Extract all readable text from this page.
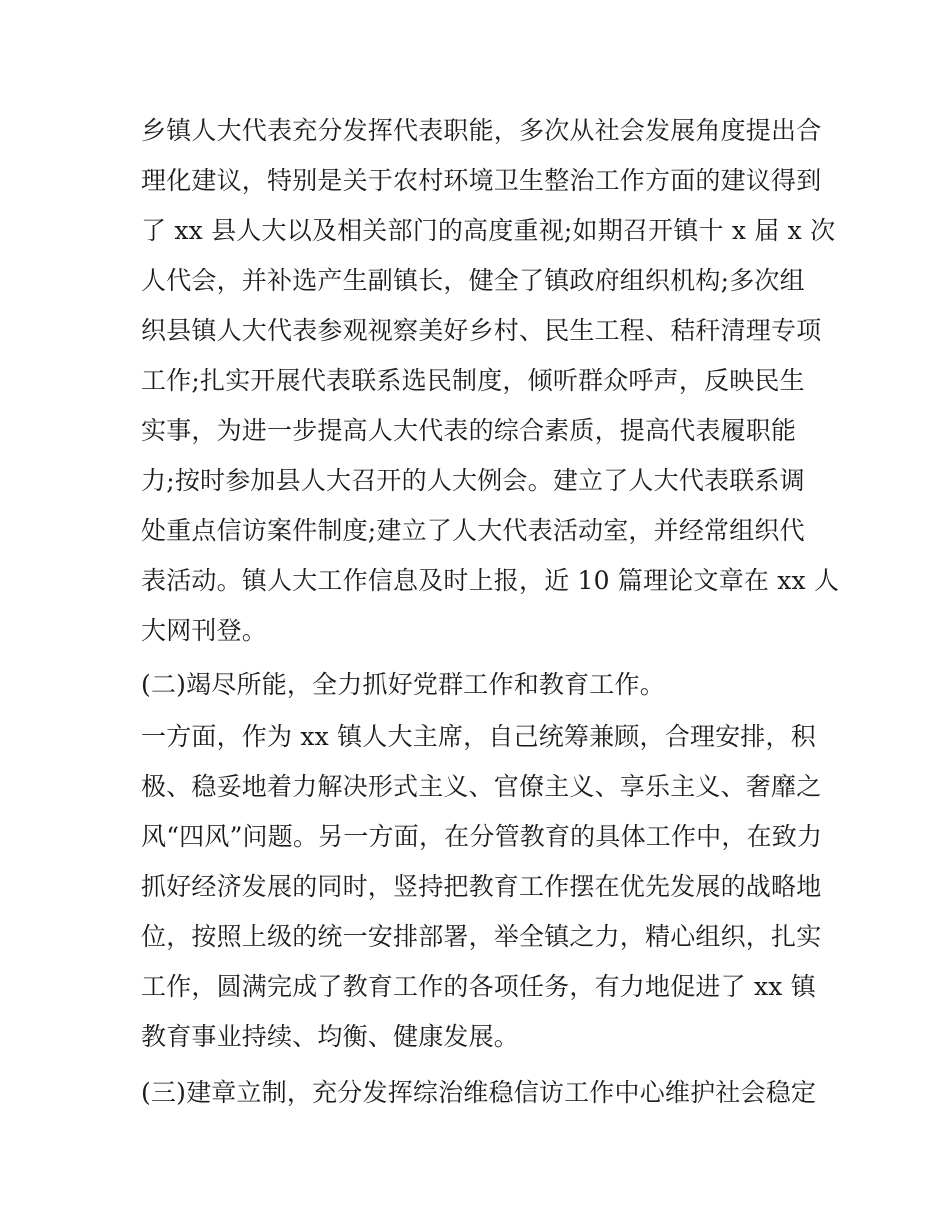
乡镇人大代表充分发挥代表职能，多次从社会发展角度提出合
理化建议，特别是关于农村环境卫生整治工作方面的建议得到
了 xx 县人大以及相关部门的高度重视;如期召开镇十 x 届 x 次
人代会，并补选产生副镇长，健全了镇政府组织机构;多次组
织县镇人大代表参观视察美好乡村、民生工程、秸秆清理专项
工作;扎实开展代表联系选民制度，倾听群众呼声，反映民生
实事，为进一步提高人大代表的综合素质，提高代表履职能
力;按时参加县人大召开的人大例会。建立了人大代表联系调
处重点信访案件制度;建立了人大代表活动室，并经常组织代
表活动。镇人大工作信息及时上报，近 10 篇理论文章在 xx 人
大网刊登。
(二)竭尽所能，全力抓好党群工作和教育工作。
一方面，作为 xx 镇人大主席，自己统筹兼顾，合理安排，积
极、稳妥地着力解决形式主义、官僚主义、享乐主义、奢靡之
风“四风”问题。另一方面，在分管教育的具体工作中，在致力
抓好经济发展的同时，竖持把教育工作摆在优先发展的战略地
位，按照上级的统一安排部署，举全镇之力，精心组织，扎实
工作，圆满完成了教育工作的各项任务，有力地促进了 xx 镇
教育事业持续、均衡、健康发展。
(三)建章立制，充分发挥综治维稳信访工作中心维护社会稳定
